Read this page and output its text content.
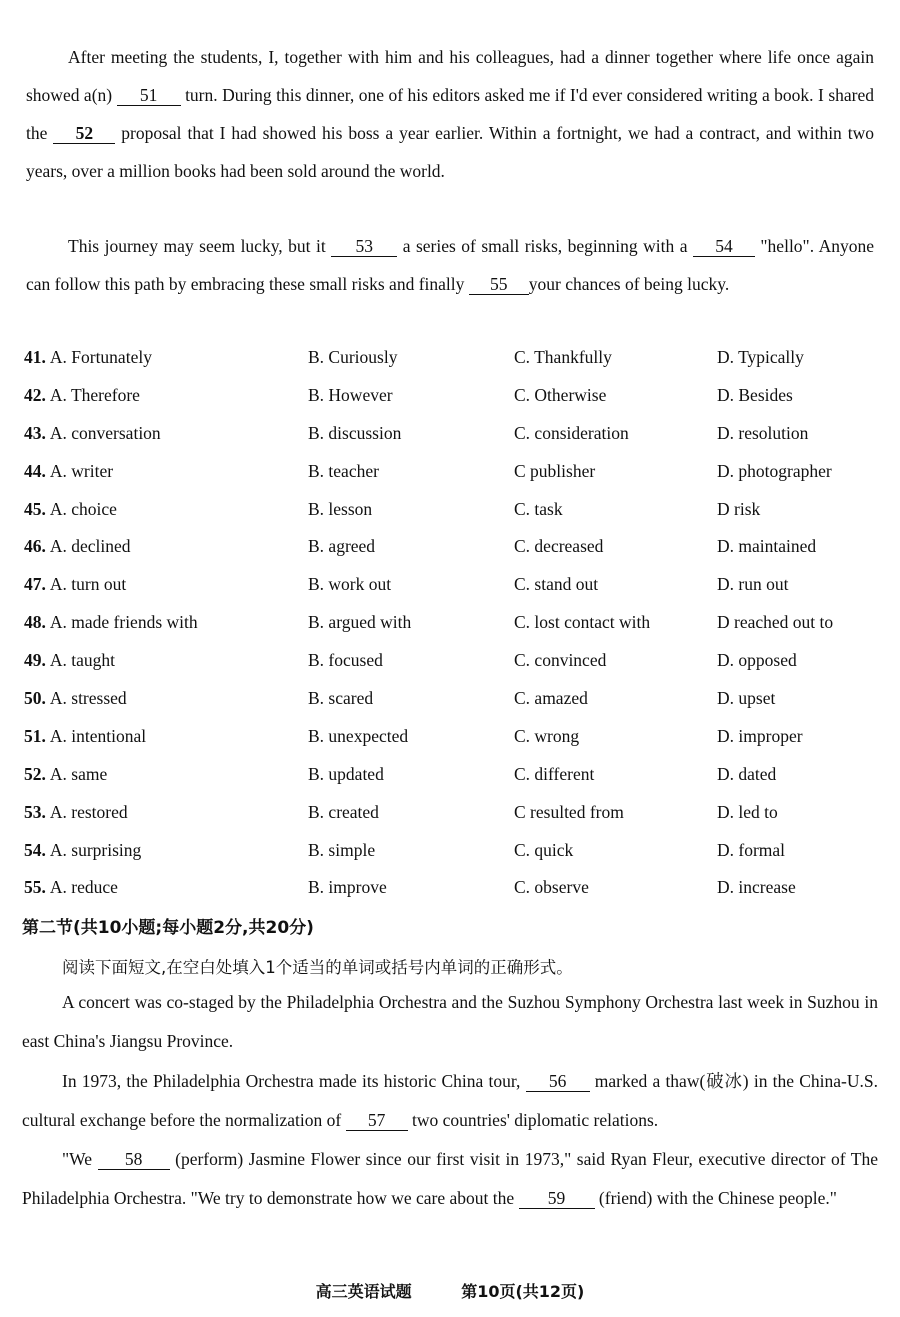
After meeting the students, I, together with him and his colleagues, had a dinner together where life once again showed a(n) 51 turn. During this dinner, one of his editors asked me if I'd ever considered writing a book. I shared the 52 proposal that I had showed his boss a year earlier. Within a fortnight, we had a contract, and within two years, over a million books had been sold around the world.
This journey may seem lucky, but it 53 a series of small risks, beginning with a 54 "hello". Anyone can follow this path by embracing these small risks and finally 55 your chances of being lucky.
41. A. Fortunately	B. Curiously	C. Thankfully	D. Typically
42. A. Therefore	B. However	C. Otherwise	D. Besides
43. A. conversation	B. discussion	C. consideration	D. resolution
44. A. writer	B. teacher	C publisher	D. photographer
45. A. choice	B. lesson	C. task	D risk
46. A. declined	B. agreed	C. decreased	D. maintained
47. A. turn out	B. work out	C. stand out	D. run out
48. A. made friends with	B. argued with	C. lost contact with	D reached out to
49. A. taught	B. focused	C. convinced	D. opposed
50. A. stressed	B. scared	C. amazed	D. upset
51. A. intentional	B. unexpected	C. wrong	D. improper
52. A. same	B. updated	C. different	D. dated
53. A. restored	B. created	C resulted from	D. led to
54. A. surprising	B. simple	C. quick	D. formal
55. A. reduce	B. improve	C. observe	D. increase
第二节(共10小题;每小题2分,共20分)
阅读下面短文,在空白处填入1个适当的单词或括号内单词的正确形式。
A concert was co-staged by the Philadelphia Orchestra and the Suzhou Symphony Orchestra last week in Suzhou in east China's Jiangsu Province.
In 1973, the Philadelphia Orchestra made its historic China tour, 56 marked a thaw(破冰) in the China-U.S. cultural exchange before the normalization of 57 two countries' diplomatic relations.
"We 58 (perform) Jasmine Flower since our first visit in 1973," said Ryan Fleur, executive director of The Philadelphia Orchestra. "We try to demonstrate how we care about the 59 (friend) with the Chinese people."
高三英语试题	第10页(共12页)
